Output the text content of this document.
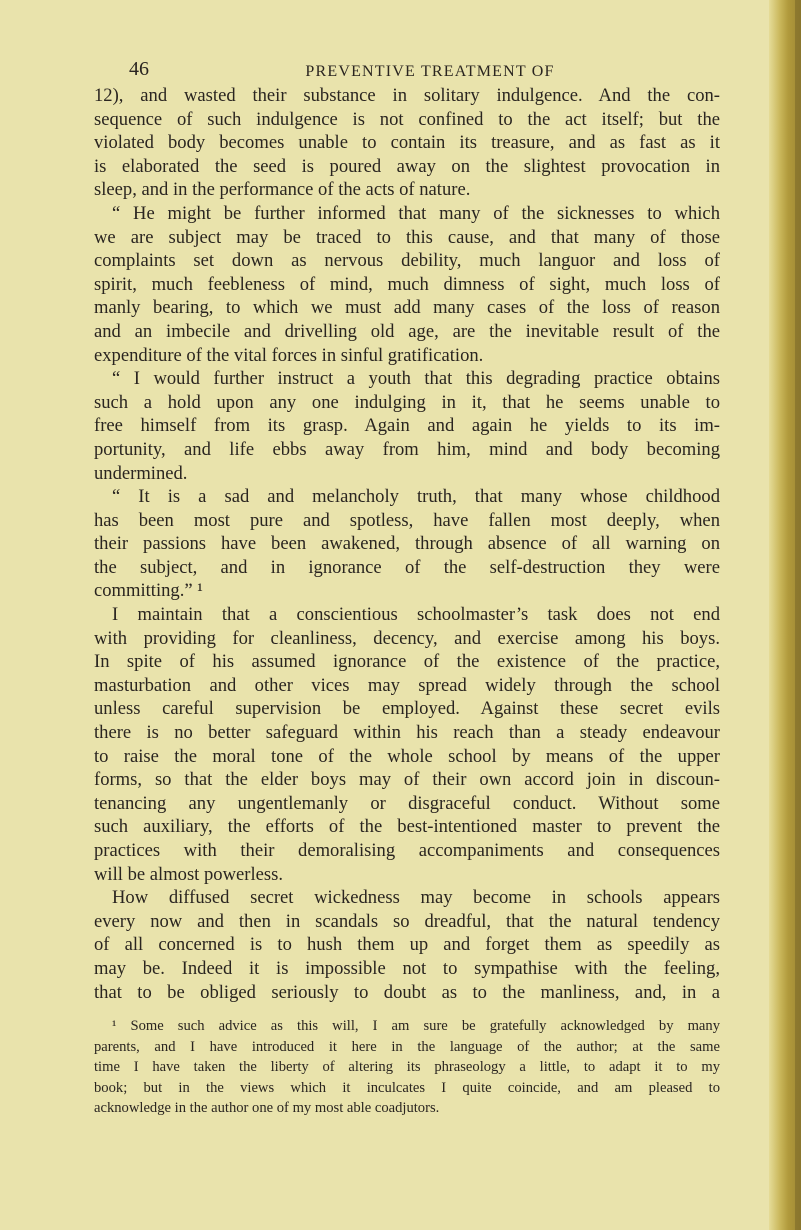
46	PREVENTIVE TREATMENT OF
12), and wasted their substance in solitary indulgence. And the con-
sequence of such indulgence is not confined to the act itself; but the
violated body becomes unable to contain its treasure, and as fast as it
is elaborated the seed is poured away on the slightest provocation in
sleep, and in the performance of the acts of nature.
“ He might be further informed that many of the sicknesses to which
we are subject may be traced to this cause, and that many of those
complaints set down as nervous debility, much languor and loss of
spirit, much feebleness of mind, much dimness of sight, much loss of
manly bearing, to which we must add many cases of the loss of reason
and an imbecile and drivelling old age, are the inevitable result of the
expenditure of the vital forces in sinful gratification.
“ I would further instruct a youth that this degrading practice obtains
such a hold upon any one indulging in it, that he seems unable to
free himself from its grasp. Again and again he yields to its im-
portunity, and life ebbs away from him, mind and body becoming
undermined.
“ It is a sad and melancholy truth, that many whose childhood
has been most pure and spotless, have fallen most deeply, when
their passions have been awakened, through absence of all warning on
the subject, and in ignorance of the self-destruction they were
committing.” ¹
I maintain that a conscientious schoolmaster’s task does not end
with providing for cleanliness, decency, and exercise among his boys.
In spite of his assumed ignorance of the existence of the practice,
masturbation and other vices may spread widely through the school
unless careful supervision be employed. Against these secret evils
there is no better safeguard within his reach than a steady endeavour
to raise the moral tone of the whole school by means of the upper
forms, so that the elder boys may of their own accord join in discoun-
tenancing any ungentlemanly or disgraceful conduct. Without some
such auxiliary, the efforts of the best-intentioned master to prevent the
practices with their demoralising accompaniments and consequences
will be almost powerless.
How diffused secret wickedness may become in schools appears
every now and then in scandals so dreadful, that the natural tendency
of all concerned is to hush them up and forget them as speedily as
may be. Indeed it is impossible not to sympathise with the feeling,
that to be obliged seriously to doubt as to the manliness, and, in a
¹ Some such advice as this will, I am sure be gratefully acknowledged by many
parents, and I have introduced it here in the language of the author; at the same
time I have taken the liberty of altering its phraseology a little, to adapt it to my
book; but in the views which it inculcates I quite coincide, and am pleased to
acknowledge in the author one of my most able coadjutors.
